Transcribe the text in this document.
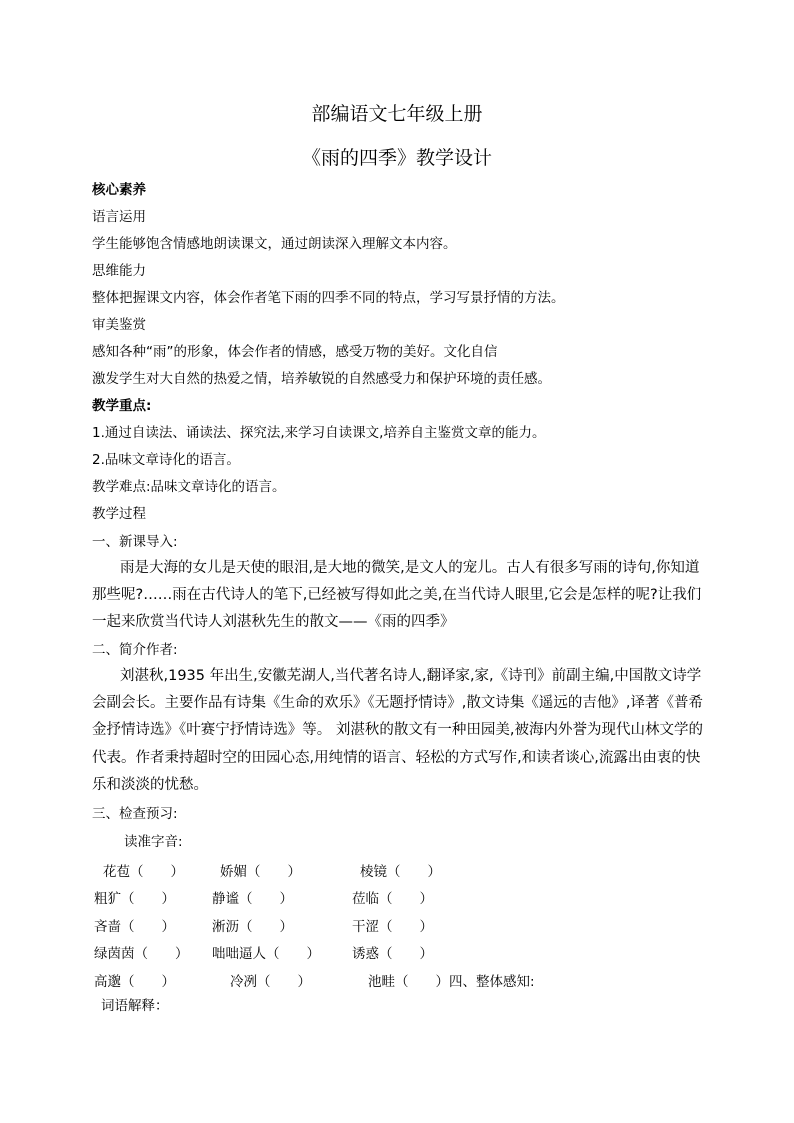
部编语文七年级上册
《雨的四季》教学设计
核心素养
语言运用
学生能够饱含情感地朗读课文，通过朗读深入理解文本内容。
思维能力
整体把握课文内容，体会作者笔下雨的四季不同的特点，学习写景抒情的方法。
审美鉴赏
感知各种“雨”的形象，体会作者的情感，感受万物的美好。文化自信
激发学生对大自然的热爱之情，培养敏锐的自然感受力和保护环境的责任感。
教学重点:
1.通过自读法、诵读法、探究法,来学习自读课文,培养自主鉴赏文章的能力。
2.品味文章诗化的语言。
教学难点:品味文章诗化的语言。
教学过程
一、新课导入:
雨是大海的女儿是天使的眼泪,是大地的微笑,是文人的宠儿。古人有很多写雨的诗句,你知道那些呢?……雨在古代诗人的笔下,已经被写得如此之美,在当代诗人眼里,它会是怎样的呢?让我们一起来欣赏当代诗人刘湛秋先生的散文——《雨的四季》
二、简介作者:
刘湛秋,1935 年出生,安徽芜湖人,当代著名诗人,翻译家,家,《诗刊》前副主编,中国散文诗学会副会长。主要作品有诗集《生命的欢乐》《无题抒情诗》,散文诗集《遥远的吉他》,译著《普希金抒情诗选》《叶赛宁抒情诗选》等。 刘湛秋的散文有一种田园美,被海内外誉为现代山林文学的代表。作者秉持超时空的田园心态,用纯情的语言、轻松的方式写作,和读者谈心,流露出由衷的快乐和淡淡的忧愁。
三、检查预习:
读准字音:
花苞（　　）	娇媚（　　）	棱镜（　　）
粗犷（　　）	静谧（　　）	莅临（　　）
吝啬（　　）	淅沥（　　）	干涩（　　）
绿茵茵（　　） 咄咄逼人（　　） 诱惑（　　）
高邈（　　）	冷冽（　　）	池畦（　　）四、整体感知:
词语解释：
